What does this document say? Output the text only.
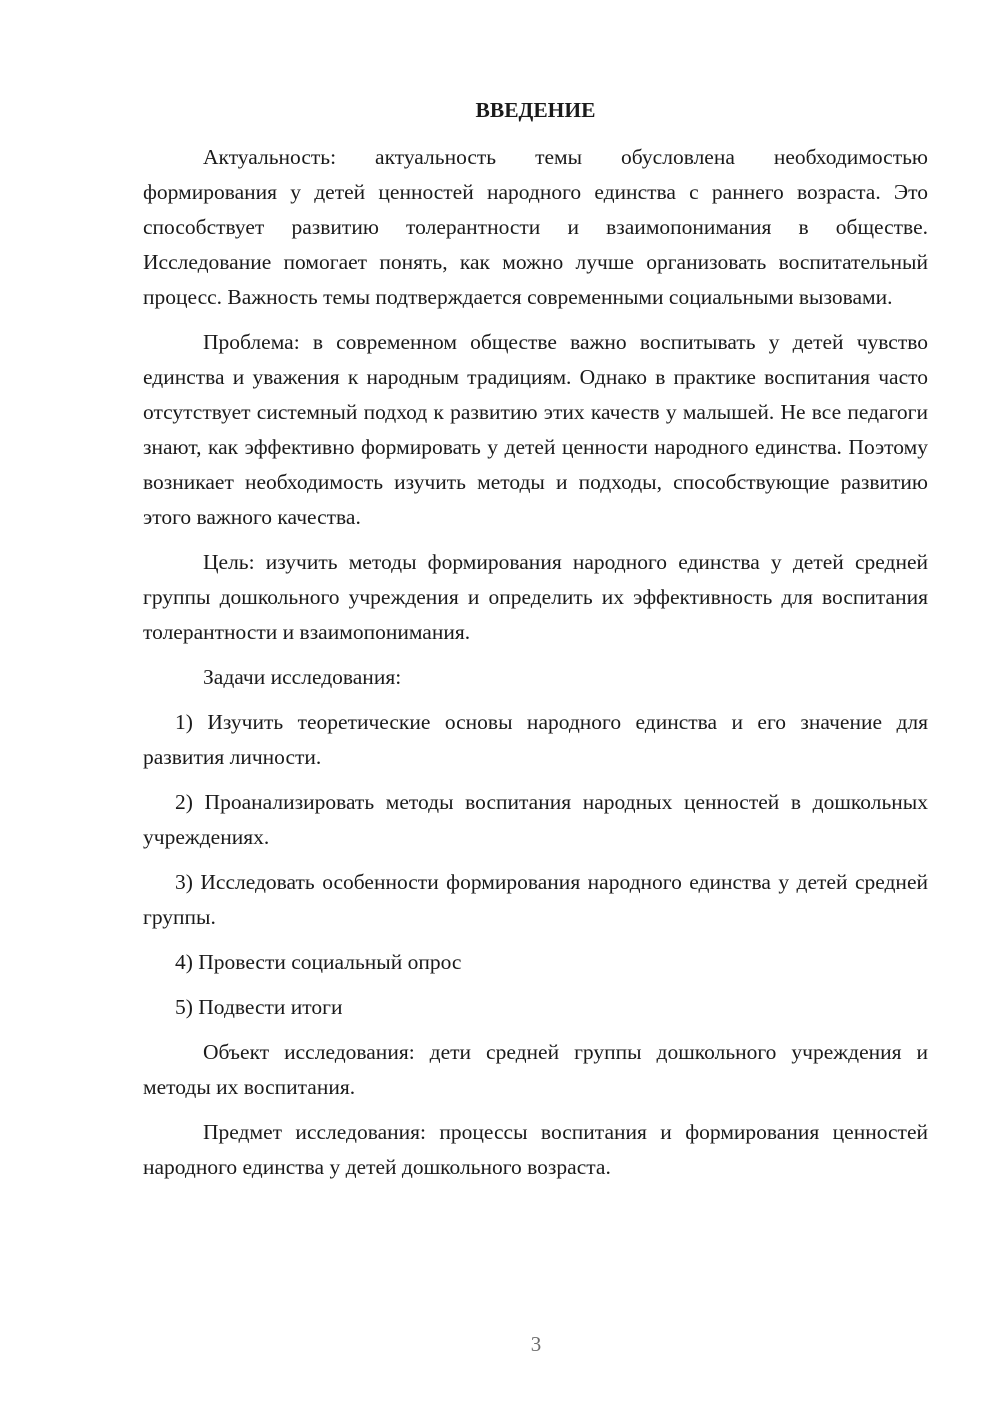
ВВЕДЕНИЕ

Актуальность: актуальность темы обусловлена необходимостью формирования у детей ценностей народного единства с раннего возраста. Это способствует развитию толерантности и взаимопонимания в обществе. Исследование помогает понять, как можно лучше организовать воспитательный процесс. Важность темы подтверждается современными социальными вызовами.

Проблема: в современном обществе важно воспитывать у детей чувство единства и уважения к народным традициям. Однако в практике воспитания часто отсутствует системный подход к развитию этих качеств у малышей. Не все педагоги знают, как эффективно формировать у детей ценности народного единства. Поэтому возникает необходимость изучить методы и подходы, способствующие развитию этого важного качества.

Цель: изучить методы формирования народного единства у детей средней группы дошкольного учреждения и определить их эффективность для воспитания толерантности и взаимопонимания.

Задачи исследования:

1) Изучить теоретические основы народного единства и его значение для развития личности.

2) Проанализировать методы воспитания народных ценностей в дошкольных учреждениях.

3) Исследовать особенности формирования народного единства у детей средней группы.

4) Провести социальный опрос

5) Подвести итоги

Объект исследования: дети средней группы дошкольного учреждения и методы их воспитания.

Предмет исследования: процессы воспитания и формирования ценностей народного единства у детей дошкольного возраста.

3
